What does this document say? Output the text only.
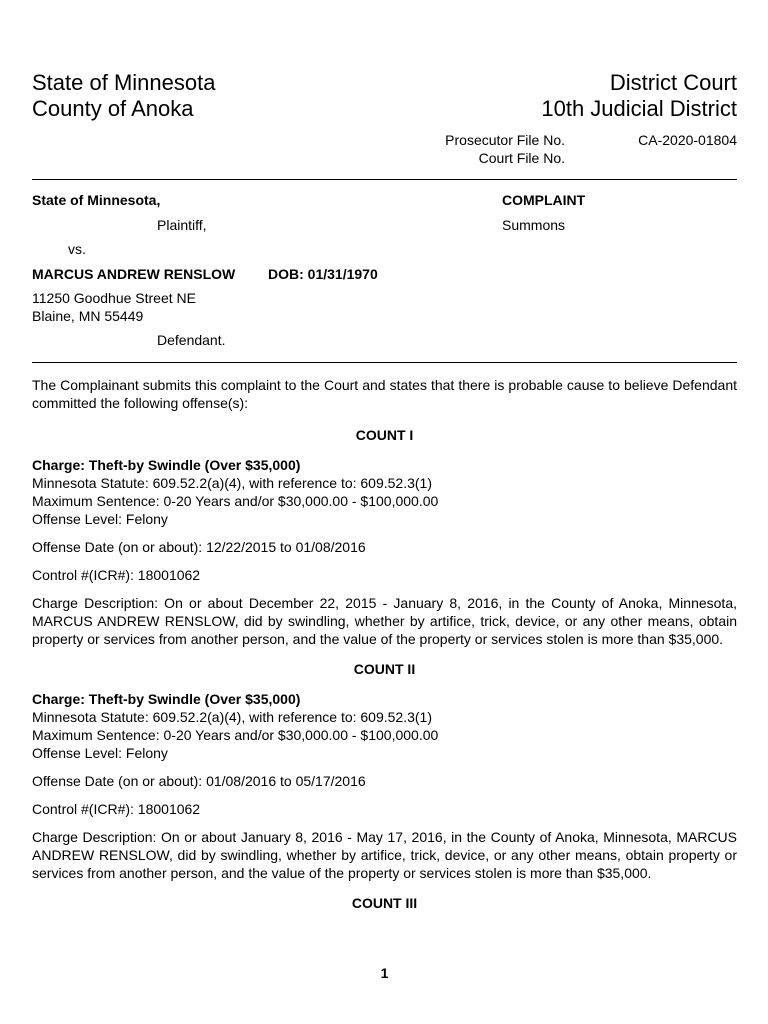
State of Minnesota	District Court
County of Anoka	10th Judicial District
Prosecutor File No.	CA-2020-01804
Court File No.
State of Minnesota,	COMPLAINT
Plaintiff,	Summons
vs.
MARCUS ANDREW RENSLOW DOB: 01/31/1970
11250 Goodhue Street NE
Blaine, MN 55449
Defendant.

The Complainant submits this complaint to the Court and states that there is probable cause to believe Defendant committed the following offense(s):

COUNT I

Charge: Theft-by Swindle (Over $35,000)

Minnesota Statute: 609.52.2(a)(4), with reference to: 609.52.3(1)

Maximum Sentence: 0-20 Years and/or $30,000.00 - $100,000.00

Offense Level: Felony

Offense Date (on or about): 12/22/2015 to 01/08/2016

Control #(ICR#): 18001062

Charge Description: On or about December 22, 2015 - January 8, 2016, in the County of Anoka, Minnesota, MARCUS ANDREW RENSLOW, did by swindling, whether by artifice, trick, device, or any other means, obtain property or services from another person, and the value of the property or services stolen is more than $35,000.

COUNT II

Charge: Theft-by Swindle (Over $35,000)

Minnesota Statute: 609.52.2(a)(4), with reference to: 609.52.3(1)

Maximum Sentence: 0-20 Years and/or $30,000.00 - $100,000.00

Offense Level: Felony

Offense Date (on or about): 01/08/2016 to 05/17/2016

Control #(ICR#): 18001062

Charge Description: On or about January 8, 2016 - May 17, 2016, in the County of Anoka, Minnesota, MARCUS ANDREW RENSLOW, did by swindling, whether by artifice, trick, device, or any other means, obtain property or services from another person, and the value of the property or services stolen is more than $35,000.

COUNT III
1
